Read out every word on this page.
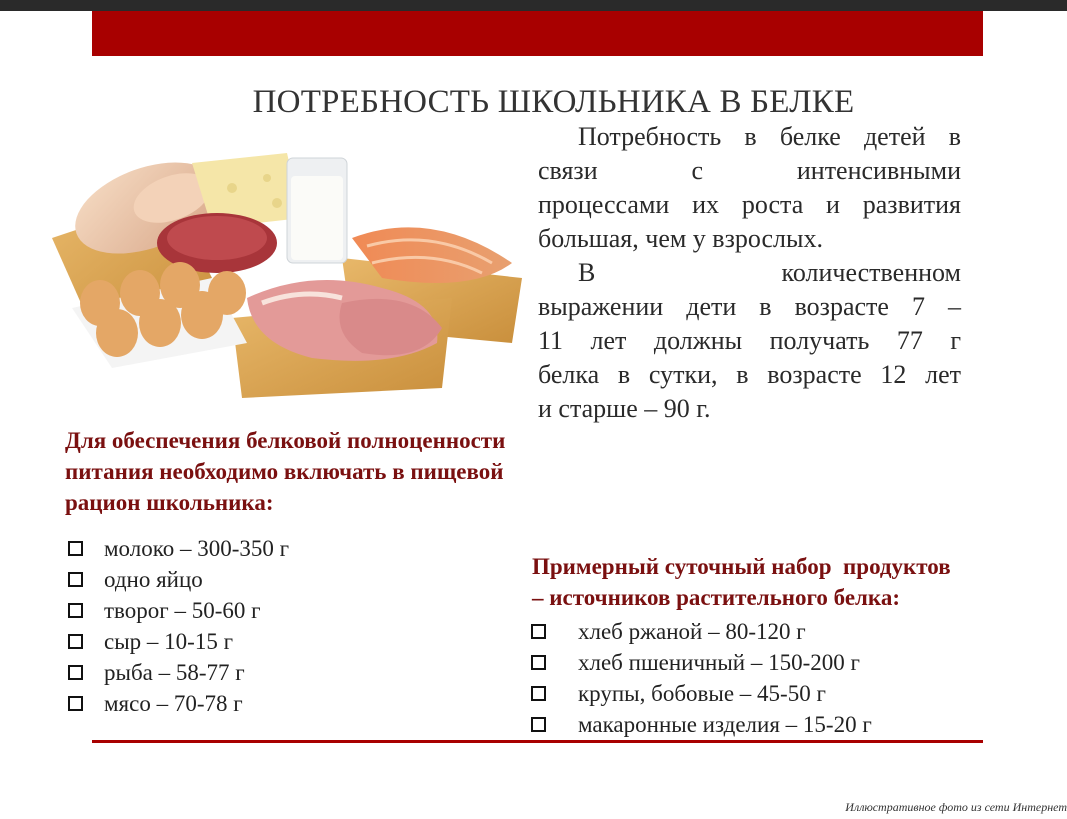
ПОТРЕБНОСТЬ ШКОЛЬНИКА В БЕЛКЕ
Потребность в белке детей в
связи с интенсивными
процессами их роста и развития
большая, чем у взрослых.
В количественном
выражении дети в возрасте 7 –
11 лет должны получать 77 г
белка в сутки, в возрасте 12 лет
и старше – 90 г.
Для обеспечения белковой полноценности
питания необходимо включать в пищевой
рацион школьника:
молоко – 300-350 г
одно яйцо
творог – 50-60 г
сыр – 10-15 г
рыба – 58-77 г
мясо – 70-78 г
Примерный суточный набор  продуктов
– источников растительного белка:
хлеб ржаной – 80-120 г
хлеб пшеничный – 150-200 г
крупы, бобовые – 45-50 г
макаронные изделия – 15-20 г
Иллюстративное фото из сети Интернет
